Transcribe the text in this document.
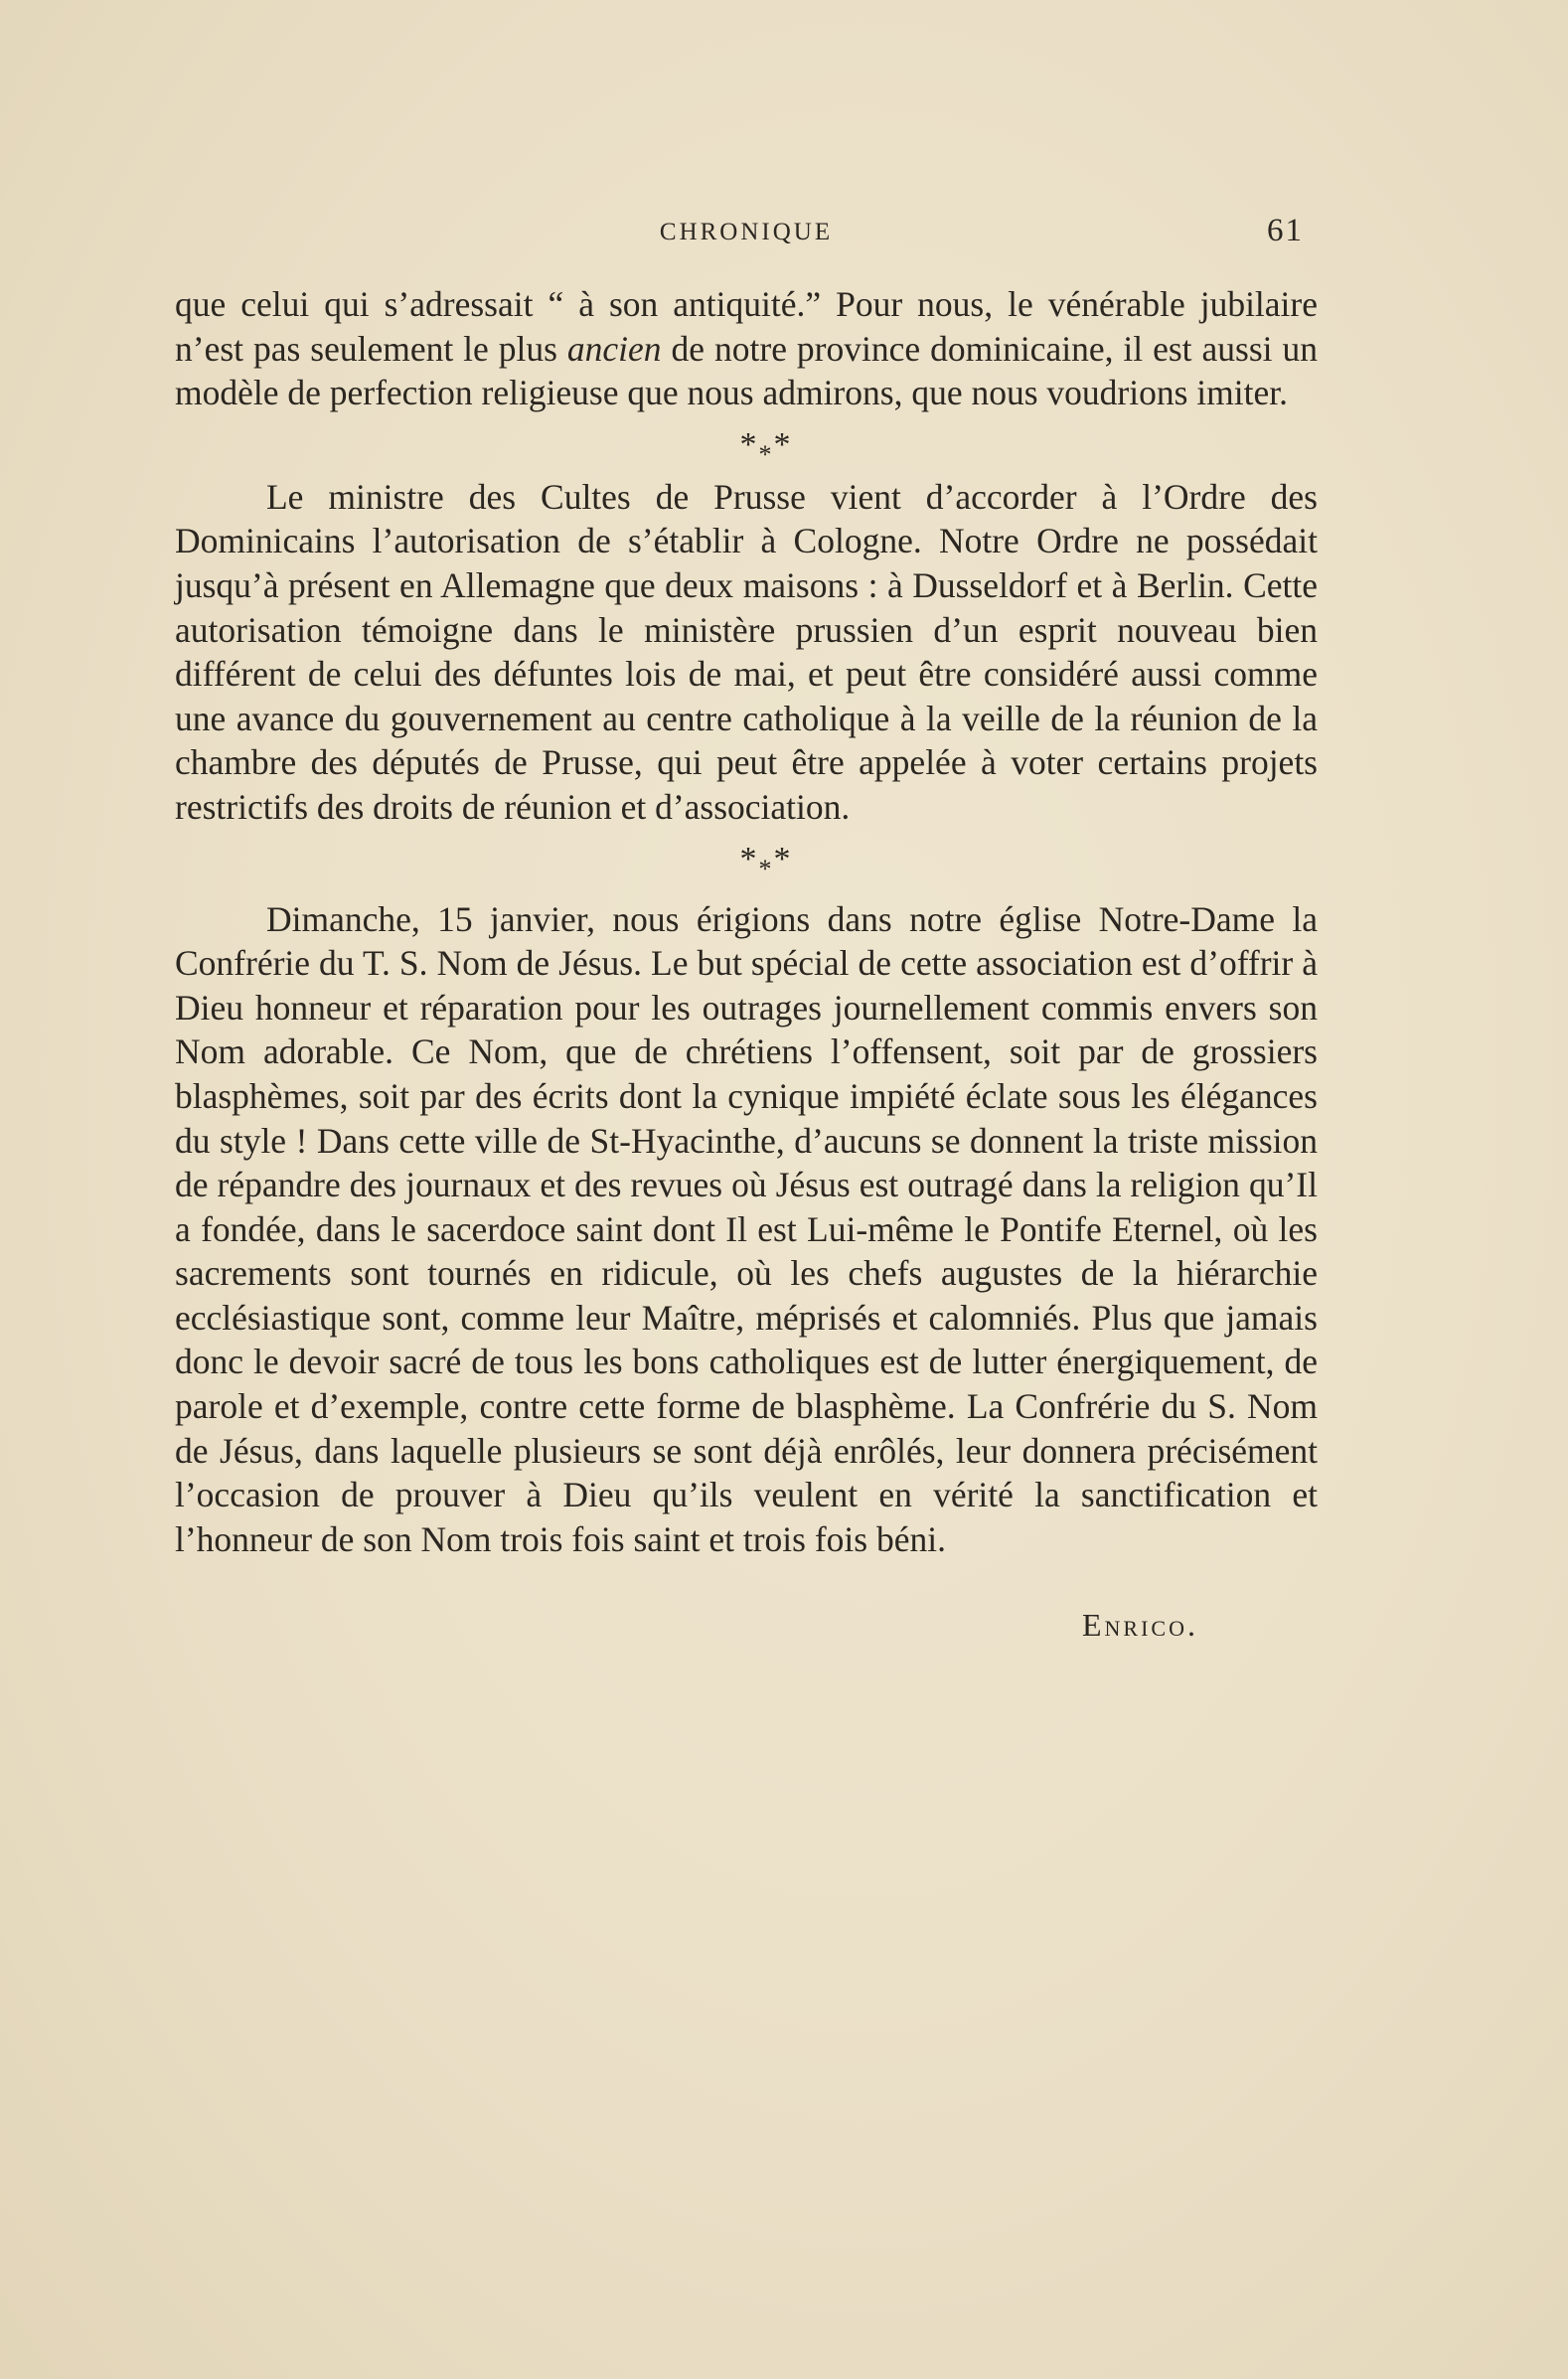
CHRONIQUE	61

que celui qui s’adressait “ à son antiquité.” Pour nous, le vénérable jubilaire n’est pas seulement le plus ancien de notre province dominicaine, il est aussi un modèle de perfection religieuse que nous admirons, que nous voudrions imiter.

$*_**$

Le ministre des Cultes de Prusse vient d’accorder à l’Ordre des Dominicains l’autorisation de s’établir à Cologne. Notre Ordre ne possédait jusqu’à présent en Allemagne que deux maisons : à Dusseldorf et à Berlin. Cette autorisation témoigne dans le ministère prussien d’un esprit nouveau bien différent de celui des défuntes lois de mai, et peut être considéré aussi comme une avance du gouvernement au centre catholique à la veille de la réunion de la chambre des députés de Prusse, qui peut être appelée à voter certains projets restrictifs des droits de réunion et d’association.

$*_**$

Dimanche, 15 janvier, nous érigions dans notre église Notre-Dame la Confrérie du T. S. Nom de Jésus. Le but spécial de cette association est d’offrir à Dieu honneur et réparation pour les outrages journellement commis envers son Nom adorable. Ce Nom, que de chrétiens l’offensent, soit par de grossiers blasphèmes, soit par des écrits dont la cynique impiété éclate sous les élégances du style ! Dans cette ville de St-Hyacinthe, d’aucuns se donnent la triste mission de répandre des journaux et des revues où Jésus est outragé dans la religion qu’Il a fondée, dans le sacerdoce saint dont Il est Lui-même le Pontife Eternel, où les sacrements sont tournés en ridicule, où les chefs augustes de la hiérarchie ecclésiastique sont, comme leur Maître, méprisés et calomniés. Plus que jamais donc le devoir sacré de tous les bons catholiques est de lutter énergiquement, de parole et d’exemple, contre cette forme de blasphème. La Confrérie du S. Nom de Jésus, dans laquelle plusieurs se sont déjà enrôlés, leur donnera précisément l’occasion de prouver à Dieu qu’ils veulent en vérité la sanctification et l’honneur de son Nom trois fois saint et trois fois béni.

Enrico.
